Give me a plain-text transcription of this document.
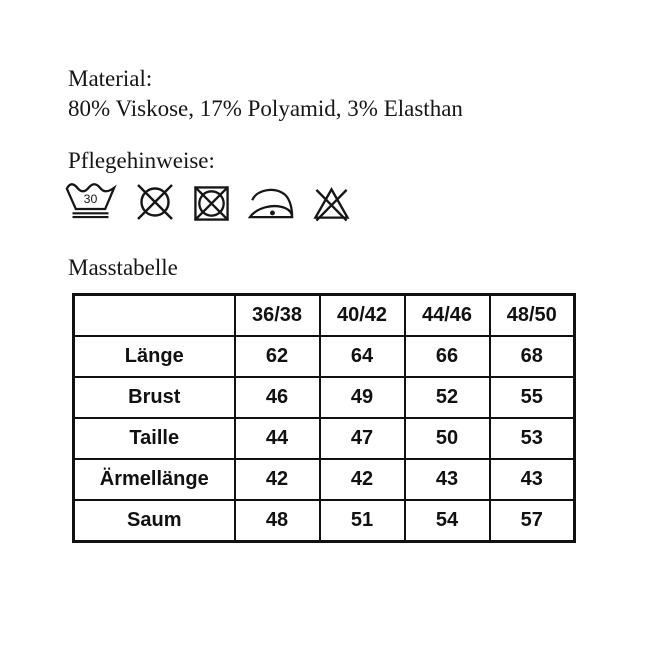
Material:
80% Viskose, 17% Polyamid, 3% Elasthan
Pflegehinweise:
30
Masstabelle
	36/38	40/42	44/46	48/50
Länge	62	64	66	68
Brust	46	49	52	55
Taille	44	47	50	53
Ärmellänge	42	42	43	43
Saum	48	51	54	57
